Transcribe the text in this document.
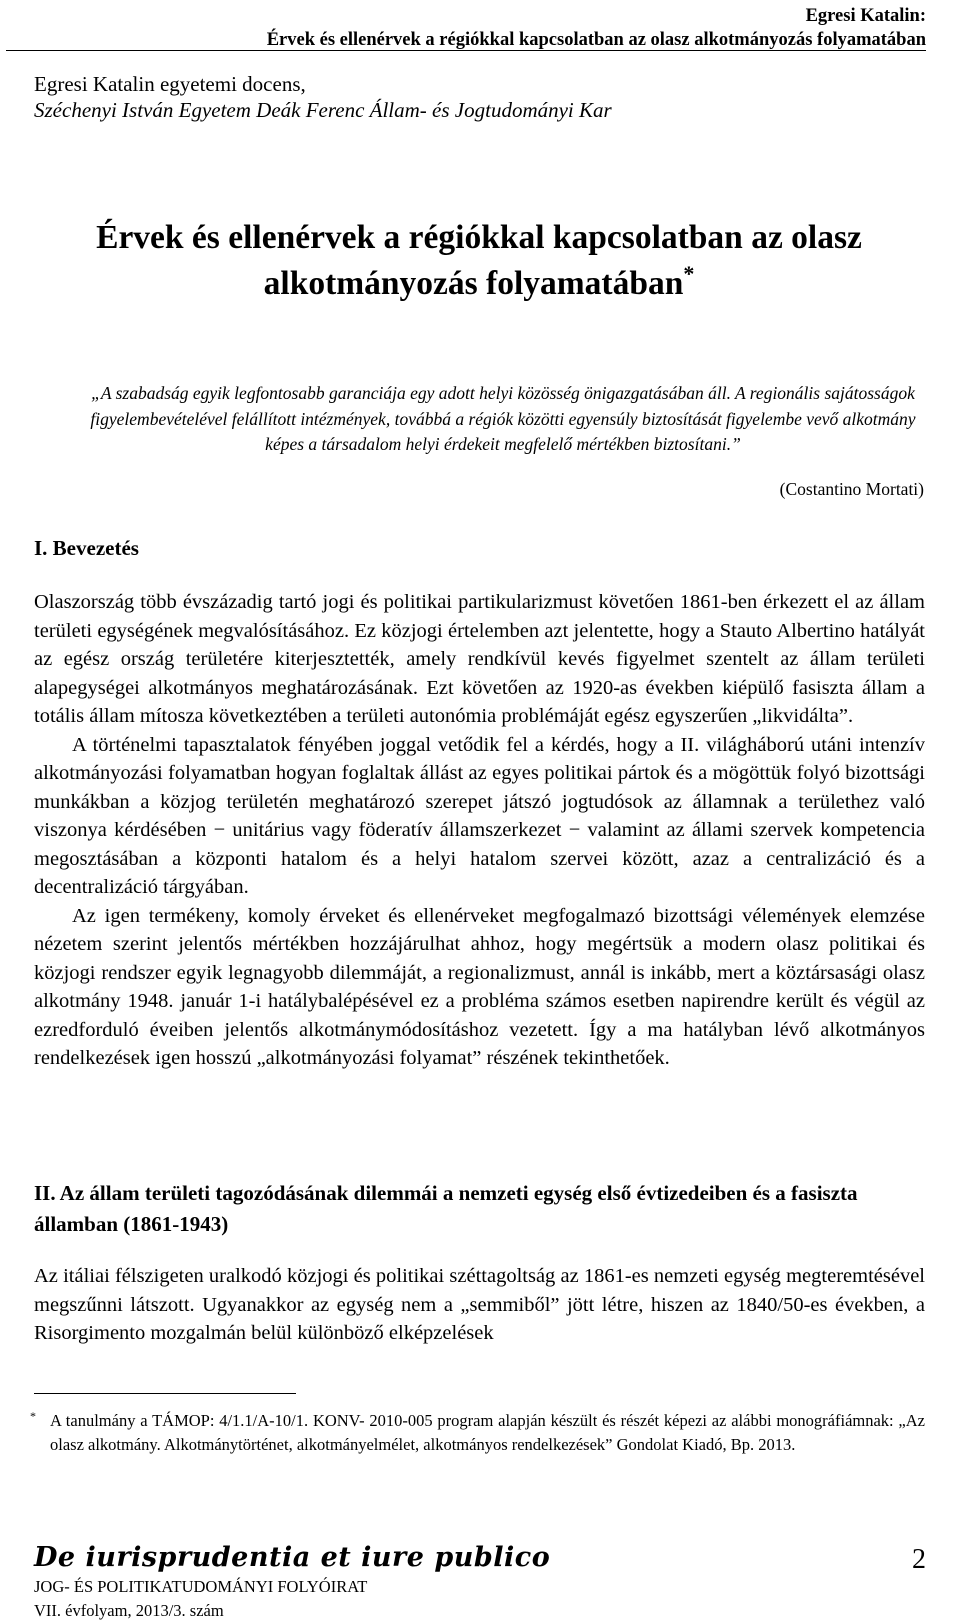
Egresi Katalin:
Érvek és ellenérvek a régiókkal kapcsolatban az olasz alkotmányozás folyamatában
Egresi Katalin egyetemi docens,
Széchenyi István Egyetem Deák Ferenc Állam- és Jogtudományi Kar
Érvek és ellenérvek a régiókkal kapcsolatban az olasz
alkotmányozás folyamatában*
„A szabadság egyik legfontosabb garanciája egy adott helyi közösség önigazgatásában áll. A regionális sajátosságok figyelembevételével felállított intézmények, továbbá a régiók közötti egyensúly biztosítását figyelembe vevő alkotmány képes a társadalom helyi érdekeit megfelelő mértékben biztosítani.”
(Costantino Mortati)
I. Bevezetés
Olaszország több évszázadig tartó jogi és politikai partikularizmust követően 1861-ben érkezett el az állam területi egységének megvalósításához. Ez közjogi értelemben azt jelentette, hogy a Stauto Albertino hatályát az egész ország területére kiterjesztették, amely rendkívül kevés figyelmet szentelt az állam területi alapegységei alkotmányos meghatározásának. Ezt követően az 1920-as években kiépülő fasiszta állam a totális állam mítosza következtében a területi autonómia problémáját egész egyszerűen „likvidálta”.
A történelmi tapasztalatok fényében joggal vetődik fel a kérdés, hogy a II. világháború utáni intenzív alkotmányozási folyamatban hogyan foglaltak állást az egyes politikai pártok és a mögöttük folyó bizottsági munkákban a közjog területén meghatározó szerepet játszó jogtudósok az államnak a területhez való viszonya kérdésében − unitárius vagy föderatív államszerkezet − valamint az állami szervek kompetencia megosztásában a központi hatalom és a helyi hatalom szervei között, azaz a centralizáció és a decentralizáció tárgyában.
Az igen termékeny, komoly érveket és ellenérveket megfogalmazó bizottsági vélemények elemzése nézetem szerint jelentős mértékben hozzájárulhat ahhoz, hogy megértsük a modern olasz politikai és közjogi rendszer egyik legnagyobb dilemmáját, a regionalizmust, annál is inkább, mert a köztársasági olasz alkotmány 1948. január 1-i hatálybalépésével ez a probléma számos esetben napirendre került és végül az ezredforduló éveiben jelentős alkotmánymódosításhoz vezetett. Így a ma hatályban lévő alkotmányos rendelkezések igen hosszú „alkotmányozási folyamat” részének tekinthetőek.
II. Az állam területi tagozódásának dilemmái a nemzeti egység első évtizedeiben és a fasiszta államban (1861-1943)
Az itáliai félszigeten uralkodó közjogi és politikai széttagoltság az 1861-es nemzeti egység megteremtésével megszűnni látszott. Ugyanakkor az egység nem a „semmiből” jött létre, hiszen az 1840/50-es években, a Risorgimento mozgalmán belül különböző elképzelések
* A tanulmány a TÁMOP: 4/1.1/A-10/1. KONV- 2010-005 program alapján készült és részét képezi az alábbi monográfiámnak: „Az olasz alkotmány. Alkotmánytörténet, alkotmányelmélet, alkotmányos rendelkezések” Gondolat Kiadó, Bp. 2013.
De iurisprudentia et iure publico	2
JOG- ÉS POLITIKATUDOMÁNYI FOLYÓIRAT
VII. évfolyam, 2013/3. szám
